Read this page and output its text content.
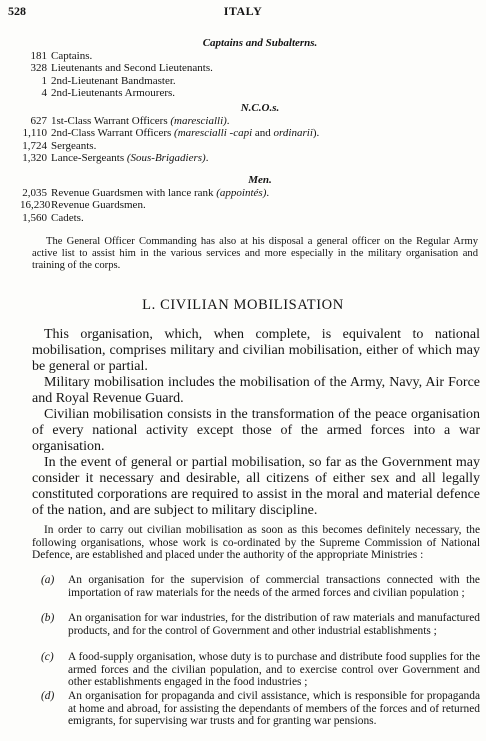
528	ITALY
Captains and Subalterns.
181 Captains.
328 Lieutenants and Second Lieutenants.
1 2nd-Lieutenant Bandmaster.
4 2nd-Lieutenants Armourers.
N.C.O.s.
627 1st-Class Warrant Officers (marescialli).
1,110 2nd-Class Warrant Officers (marescialli -capi and ordinarii).
1,724 Sergeants.
1,320 Lance-Sergeants (Sous-Brigadiers).
Men.
2,035 Revenue Guardsmen with lance rank (appointés).
16,230Revenue Guardsmen.
1,560 Cadets.
The General Officer Commanding has also at his disposal a general officer on the Regular Army active list to assist him in the various services and more especially in the military organisation and training of the corps.
L. CIVILIAN MOBILISATION

This organisation, which, when complete, is equivalent to national mobilisation, comprises military and civilian mobilisation, either of which may be general or partial.

Military mobilisation includes the mobilisation of the Army, Navy, Air Force and Royal Revenue Guard.

Civilian mobilisation consists in the transformation of the peace organisation of every national activity except those of the armed forces into a war organisation.

In the event of general or partial mobilisation, so far as the Government may consider it necessary and desirable, all citizens of either sex and all legally constituted corporations are required to assist in the moral and material defence of the nation, and are subject to military discipline.

In order to carry out civilian mobilisation as soon as this becomes definitely necessary, the following organisations, whose work is co-ordinated by the Supreme Commission of National Defence, are established and placed under the authority of the appropriate Ministries :

(a) An organisation for the supervision of commercial transactions connected with the importation of raw materials for the needs of the armed forces and civilian population ;
(b) An organisation for war industries, for the distribution of raw materials and manufactured products, and for the control of Government and other industrial establishments ;
(c) A food-supply organisation, whose duty is to purchase and distribute food supplies for the armed forces and the civilian population, and to exercise control over Government and other establishments engaged in the food industries ;
(d) An organisation for propaganda and civil assistance, which is responsible for propaganda at home and abroad, for assisting the dependants of members of the forces and of returned emigrants, for supervising war trusts and for granting war pensions.
